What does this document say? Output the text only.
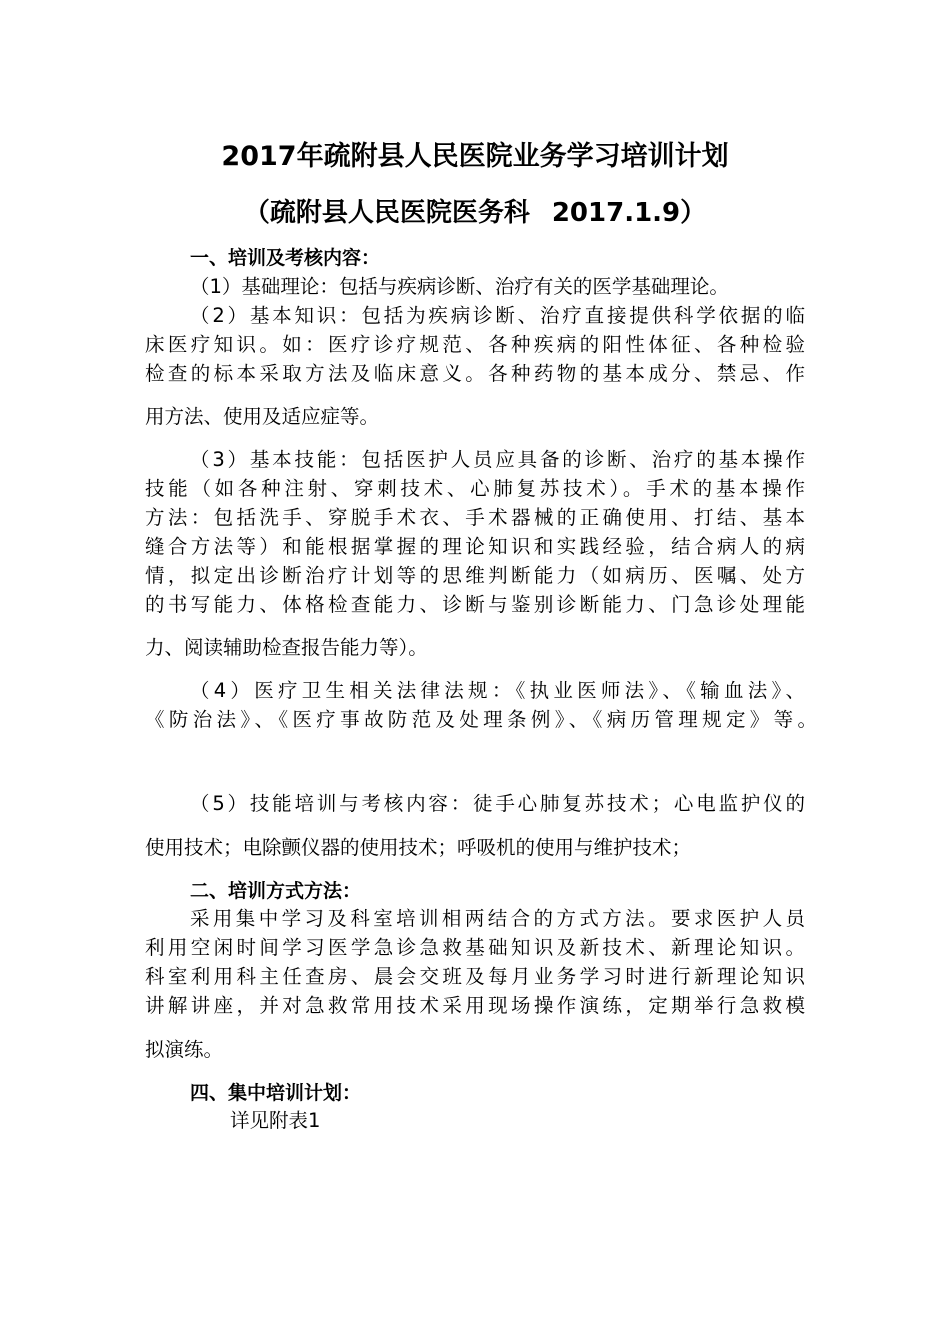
2017年疏附县人民医院业务学习培训计划
（疏附县人民医院医务科 2017.1.9）
一、培训及考核内容：
（1）基础理论：包括与疾病诊断、治疗有关的医学基础理论。
（2）基本知识：包括为疾病诊断、治疗直接提供科学依据的临
床医疗知识。如：医疗诊疗规范、各种疾病的阳性体征、各种检验
检查的标本采取方法及临床意义。各种药物的基本成分、禁忌、作
用方法、使用及适应症等。
（3）基本技能：包括医护人员应具备的诊断、治疗的基本操作
技能（如各种注射、穿刺技术、心肺复苏技术）。手术的基本操作
方法：包括洗手、穿脱手术衣、手术器械的正确使用、打结、基本
缝合方法等）和能根据掌握的理论知识和实践经验，结合病人的病
情，拟定出诊断治疗计划等的思维判断能力（如病历、医嘱、处方
的书写能力、体格检查能力、诊断与鉴别诊断能力、门急诊处理能
力、阅读辅助检查报告能力等）。
（4）医疗卫生相关法律法规：《执业医师法》、《输血法》、
《防治法》、《医疗事故防范及处理条例》、《病历管理规定》等。
（5）技能培训与考核内容：徒手心肺复苏技术；心电监护仪的
使用技术；电除颤仪器的使用技术；呼吸机的使用与维护技术；
二、培训方式方法：
采用集中学习及科室培训相两结合的方式方法。要求医护人员
利用空闲时间学习医学急诊急救基础知识及新技术、新理论知识。
科室利用科主任查房、晨会交班及每月业务学习时进行新理论知识
讲解讲座，并对急救常用技术采用现场操作演练，定期举行急救模
拟演练。
四、集中培训计划：
详见附表1
